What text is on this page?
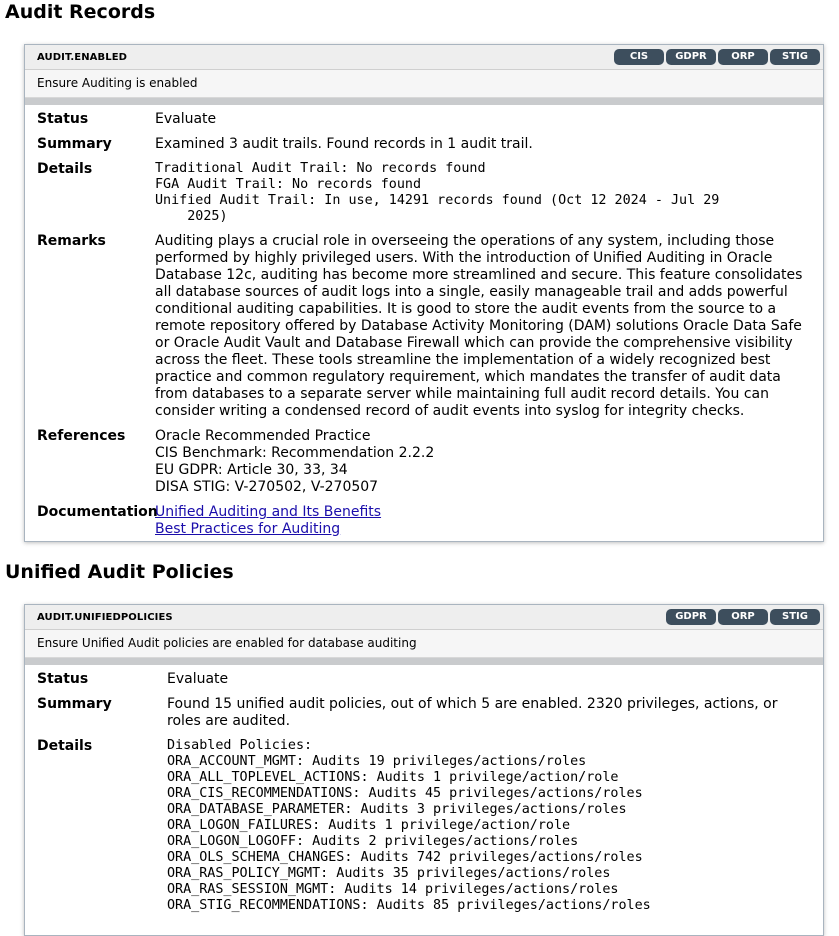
Audit Records
AUDIT.ENABLED	CIS	GDPR	ORP	STIG
Ensure Auditing is enabled
Status	Evaluate
Summary	Examined 3 audit trails. Found records in 1 audit trail.
Details	Traditional Audit Trail: No records found
FGA Audit Trail: No records found
Unified Audit Trail: In use, 14291 records found (Oct 12 2024 - Jul 29
2025)
Remarks	Auditing plays a crucial role in overseeing the operations of any system, including those performed by highly privileged users. With the introduction of Unified Auditing in Oracle Database 12c, auditing has become more streamlined and secure. This feature consolidates all database sources of audit logs into a single, easily manageable trail and adds powerful conditional auditing capabilities. It is good to store the audit events from the source to a remote repository offered by Database Activity Monitoring (DAM) solutions Oracle Data Safe or Oracle Audit Vault and Database Firewall which can provide the comprehensive visibility across the fleet. These tools streamline the implementation of a widely recognized best practice and common regulatory requirement, which mandates the transfer of audit data from databases to a separate server while maintaining full audit record details. You can consider writing a condensed record of audit events into syslog for integrity checks.
References	Oracle Recommended Practice
CIS Benchmark: Recommendation 2.2.2
EU GDPR: Article 30, 33, 34
DISA STIG: V-270502, V-270507
Documentation
Unified Auditing and Its Benefits
Best Practices for Auditing
Unified Audit Policies
AUDIT.UNIFIEDPOLICIES	GDPR	ORP	STIG
Ensure Unified Audit policies are enabled for database auditing
Status	Evaluate
Summary	Found 15 unified audit policies, out of which 5 are enabled. 2320 privileges, actions, or roles are audited.
Details	Disabled Policies:
ORA_ACCOUNT_MGMT: Audits 19 privileges/actions/roles
ORA_ALL_TOPLEVEL_ACTIONS: Audits 1 privilege/action/role
ORA_CIS_RECOMMENDATIONS: Audits 45 privileges/actions/roles
ORA_DATABASE_PARAMETER: Audits 3 privileges/actions/roles
ORA_LOGON_FAILURES: Audits 1 privilege/action/role
ORA_LOGON_LOGOFF: Audits 2 privileges/actions/roles
ORA_OLS_SCHEMA_CHANGES: Audits 742 privileges/actions/roles
ORA_RAS_POLICY_MGMT: Audits 35 privileges/actions/roles
ORA_RAS_SESSION_MGMT: Audits 14 privileges/actions/roles
ORA_STIG_RECOMMENDATIONS: Audits 85 privileges/actions/roles
